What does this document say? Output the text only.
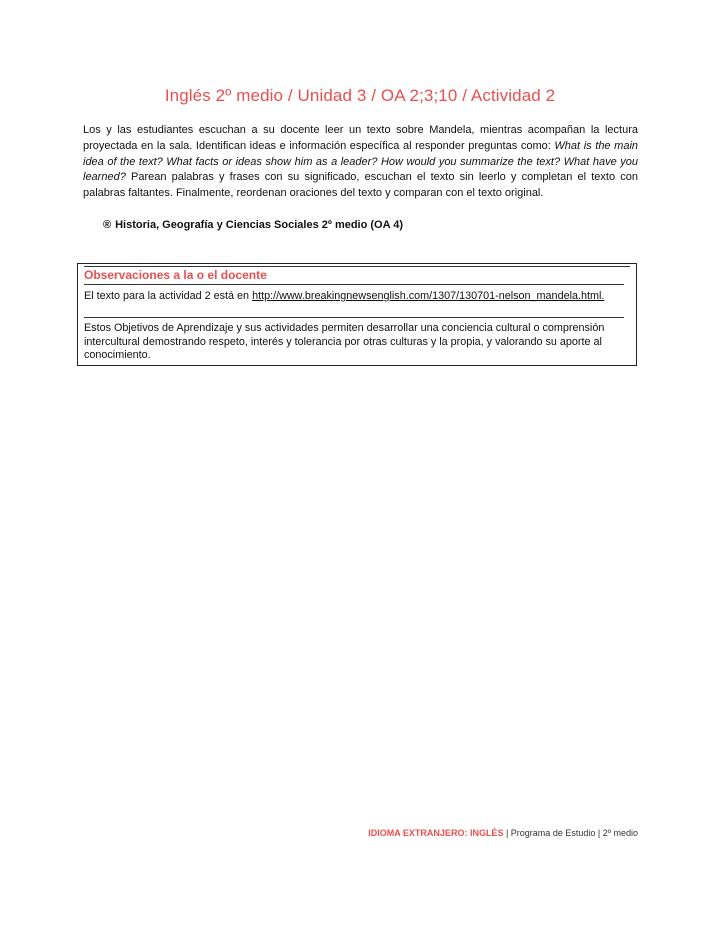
Inglés 2º medio / Unidad 3 / OA 2;3;10 / Actividad 2

Los y las estudiantes escuchan a su docente leer un texto sobre Mandela, mientras acompañan la lectura proyectada en la sala. Identifican ideas e información específica al responder preguntas como: What is the main idea of the text? What facts or ideas show him as a leader? How would you summarize the text? What have you learned? Parean palabras y frases con su significado, escuchan el texto sin leerlo y completan el texto con palabras faltantes. Finalmente, reordenan oraciones del texto y comparan con el texto original.

® Historia, Geografía y Ciencias Sociales 2º medio (OA 4)
Observaciones a la o el docente

El texto para la actividad 2 está en http://www.breakingnewsenglish.com/1307/130701-nelson_mandela.html.

Estos Objetivos de Aprendizaje y sus actividades permiten desarrollar una conciencia cultural o comprensión intercultural demostrando respeto, interés y tolerancia por otras culturas y la propia, y valorando su aporte al conocimiento.

IDIOMA EXTRANJERO: INGLÉS | Programa de Estudio | 2º medio
